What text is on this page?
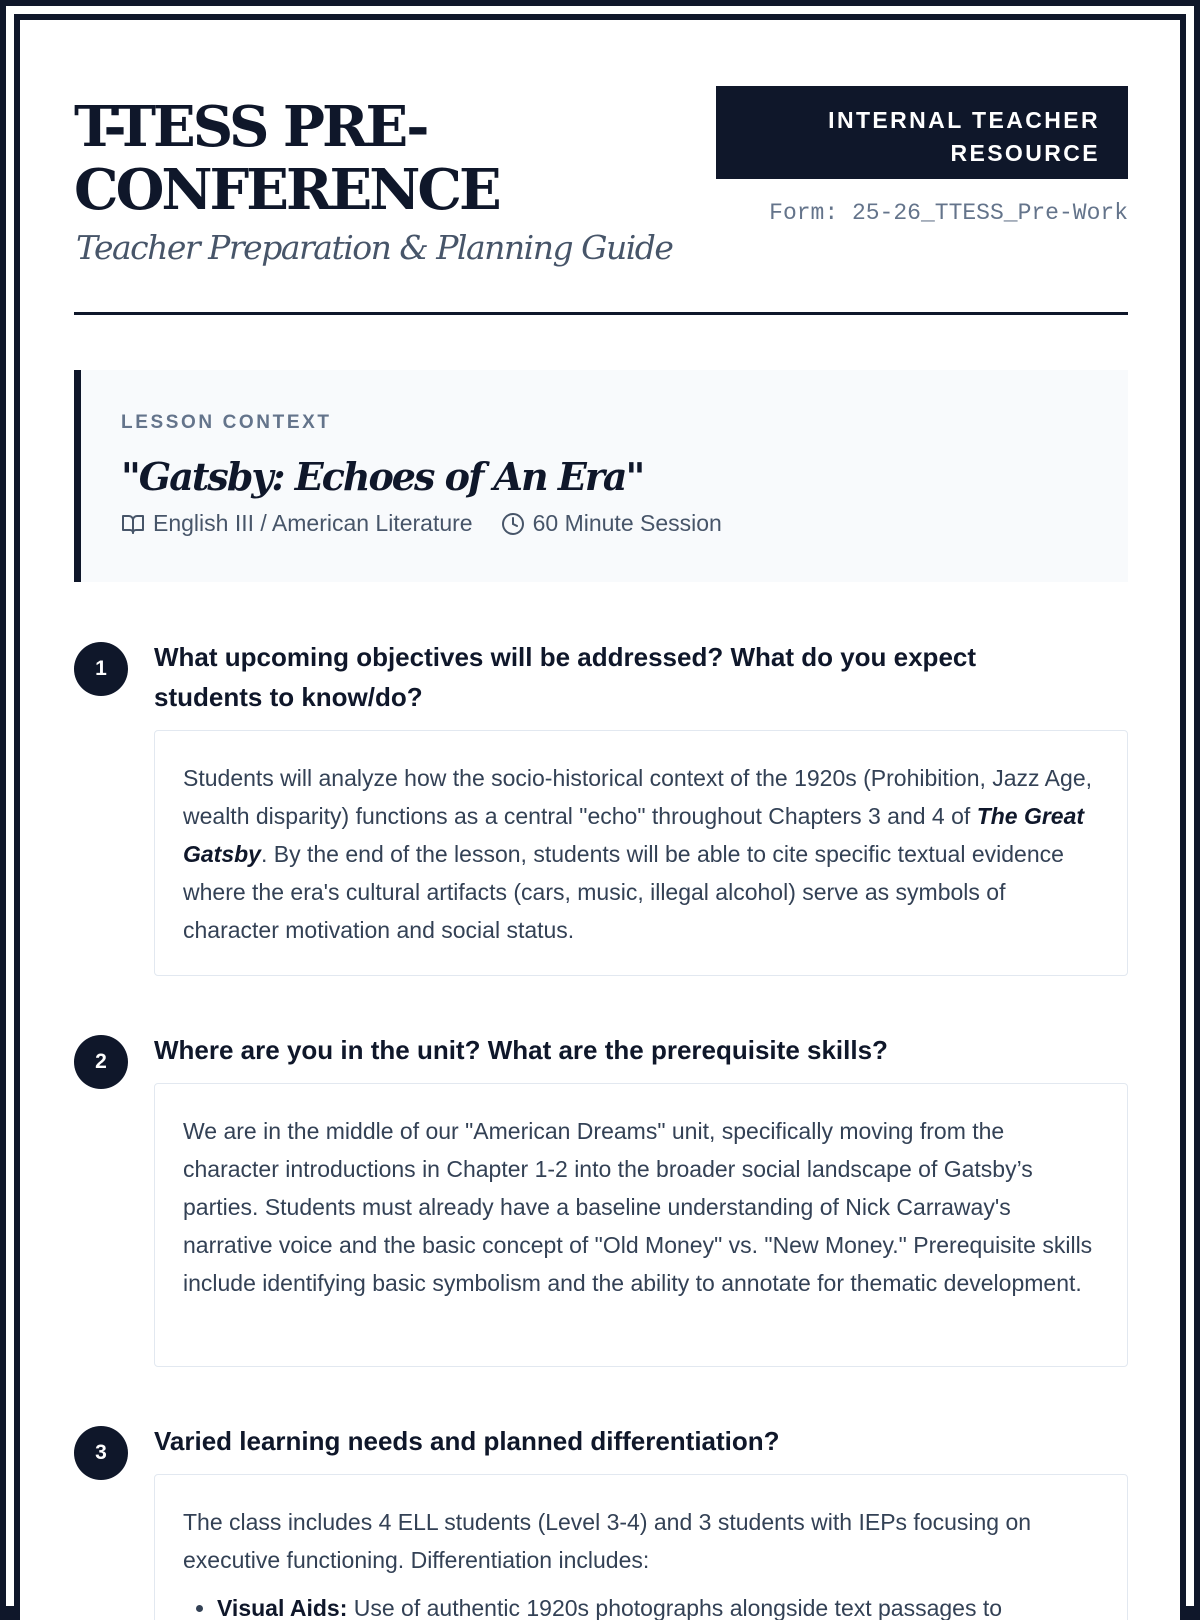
T-TESS PRE-CONFERENCE
Teacher Preparation & Planning Guide
INTERNAL TEACHER RESOURCE
Form: 25-26_TTESS_Pre-Work
LESSON CONTEXT
"Gatsby: Echoes of An Era"
English III / American Literature	60 Minute Session
1	What upcoming objectives will be addressed? What do you expect students to know/do?

Students will analyze how the socio-historical context of the 1920s (Prohibition, Jazz Age, wealth disparity) functions as a central "echo" throughout Chapters 3 and 4 of The Great Gatsby. By the end of the lesson, students will be able to cite specific textual evidence where the era's cultural artifacts (cars, music, illegal alcohol) serve as symbols of character motivation and social status.

2	Where are you in the unit? What are the prerequisite skills?

We are in the middle of our "American Dreams" unit, specifically moving from the character introductions in Chapter 1-2 into the broader social landscape of Gatsby’s parties. Students must already have a baseline understanding of Nick Carraway's narrative voice and the basic concept of "Old Money" vs. "New Money." Prerequisite skills include identifying basic symbolism and the ability to annotate for thematic development.

3	Varied learning needs and planned differentiation?

The class includes 4 ELL students (Level 3-4) and 3 students with IEPs focusing on executive functioning. Differentiation includes:

• Visual Aids: Use of authentic 1920s photographs alongside text passages to
